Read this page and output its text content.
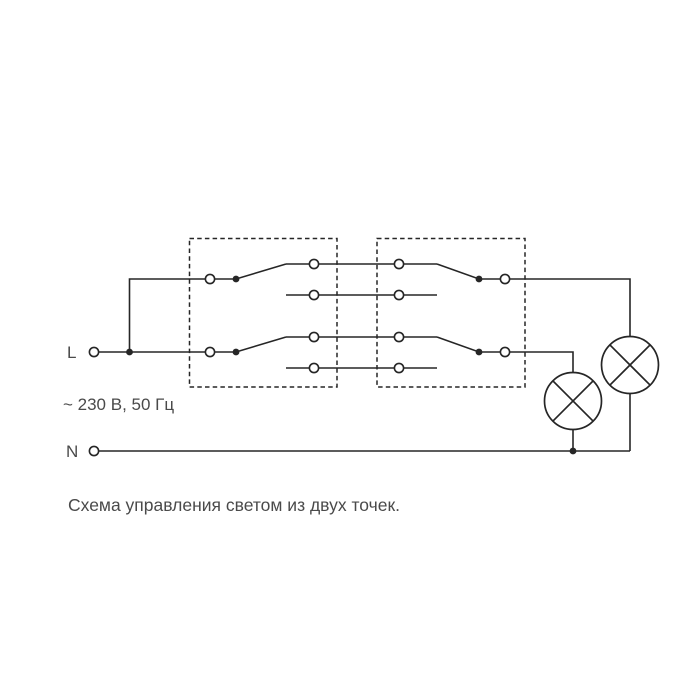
L
~ 230 В, 50 Гц
N
Схема управления светом из двух точек.
